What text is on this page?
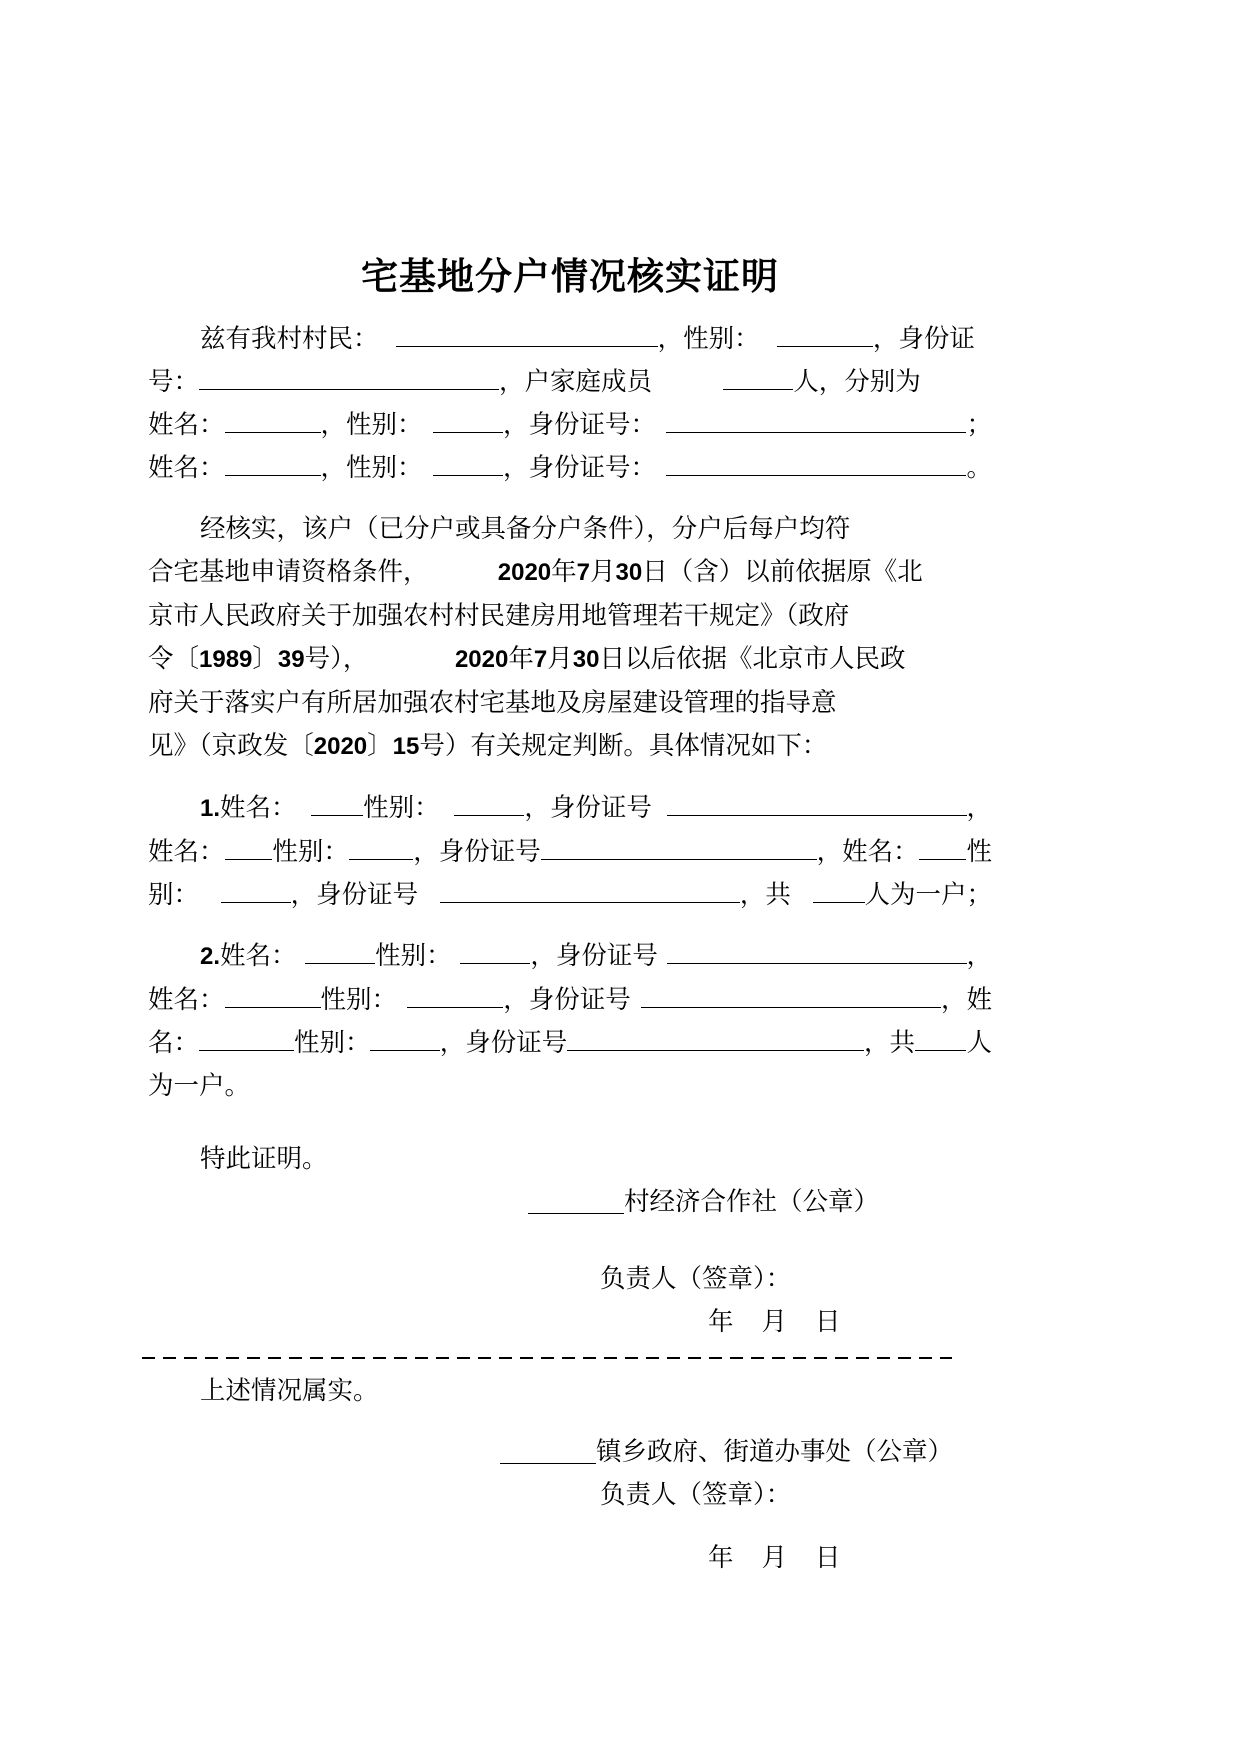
宅基地分户情况核实证明
兹有我村村民：	， 性别：	， 身份证
号：	，户家庭成员	人，分别为
姓名：	， 性别：	， 身份证号：	；
姓名：	， 性别：	， 身份证号：	。
经核实，该户（已分户或具备分户条件），分户后每户均符
合宅基地申请资格条件，	2020 年 7 月 30 日（含）以前依据原《北
京市人民政府关于加强农村村民建房用地管理若干规定》（政府
令〔 1989 〕 39 号），	2020 年 7 月 30 日以后依据《北京市人民政
府关于落实户有所居加强农村宅基地及房屋建设管理的指导意
见》（京政发〔 2020 〕 15 号）有关规定判断。具体情况如下：
1. 姓名：	性别：	， 身份证号	，
姓名： 性别：	， 身份证号	， 姓名： 性
别：	， 身份证号	， 共	人为一户；
2. 姓名：	性别：	， 身份证号	，
姓名：	性别：	， 身份证号	， 姓
名：	性别：	， 身份证号	， 共 人
为一户。
特此证明。
村经济合作社（公章）
负责人（签章）：
年 月 日
上述情况属实。
镇乡政府、街道办事处（公章）
负责人（签章）：
年 月 日
